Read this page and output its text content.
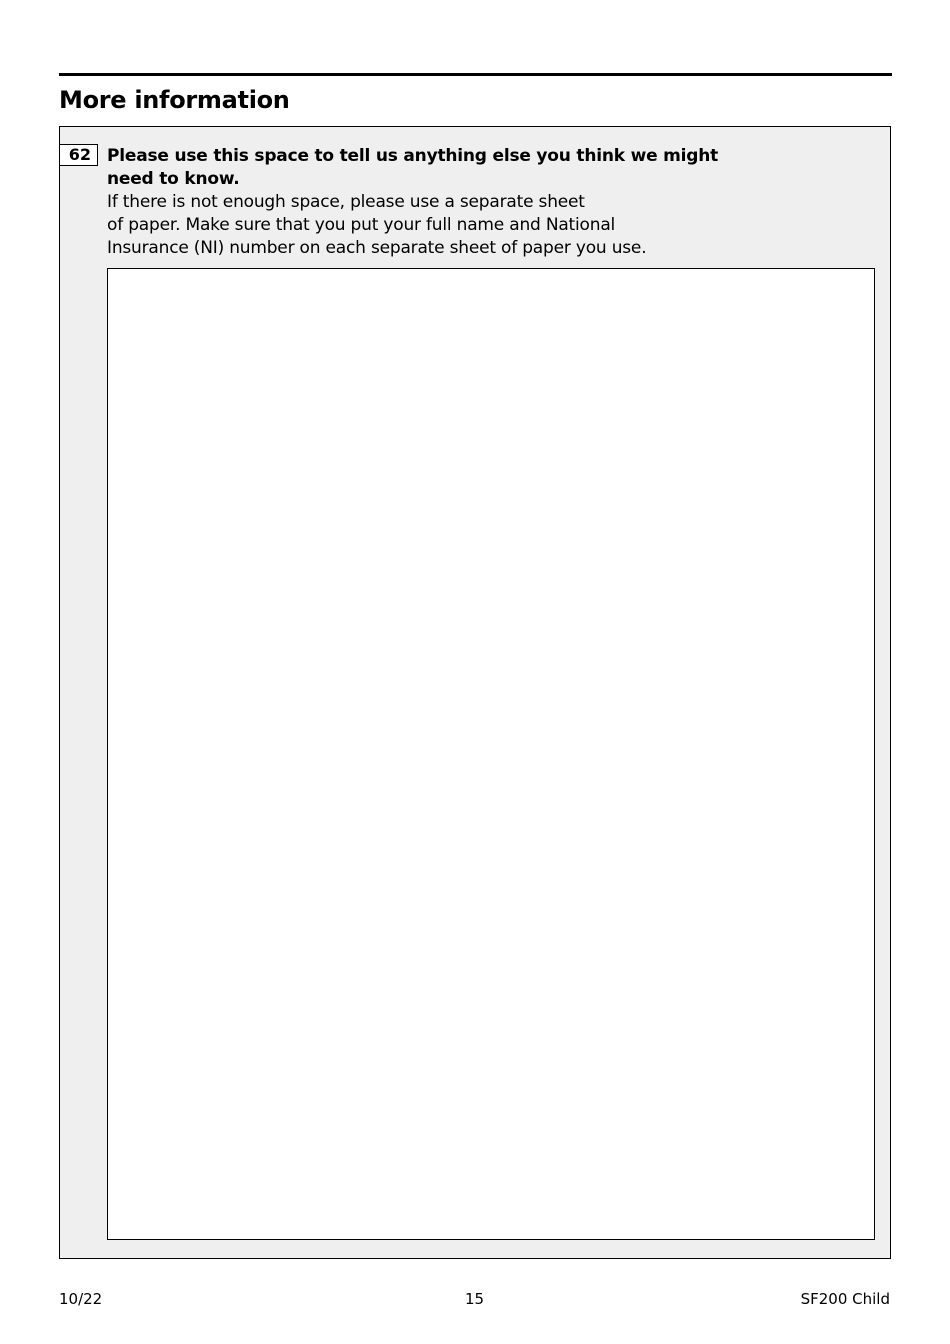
More information
62 Please use this space to tell us anything else you think we might
need to know.
If there is not enough space, please use a separate sheet
of paper. Make sure that you put your full name and National
Insurance (NI) number on each separate sheet of paper you use.
10/22	15	SF200 Child
